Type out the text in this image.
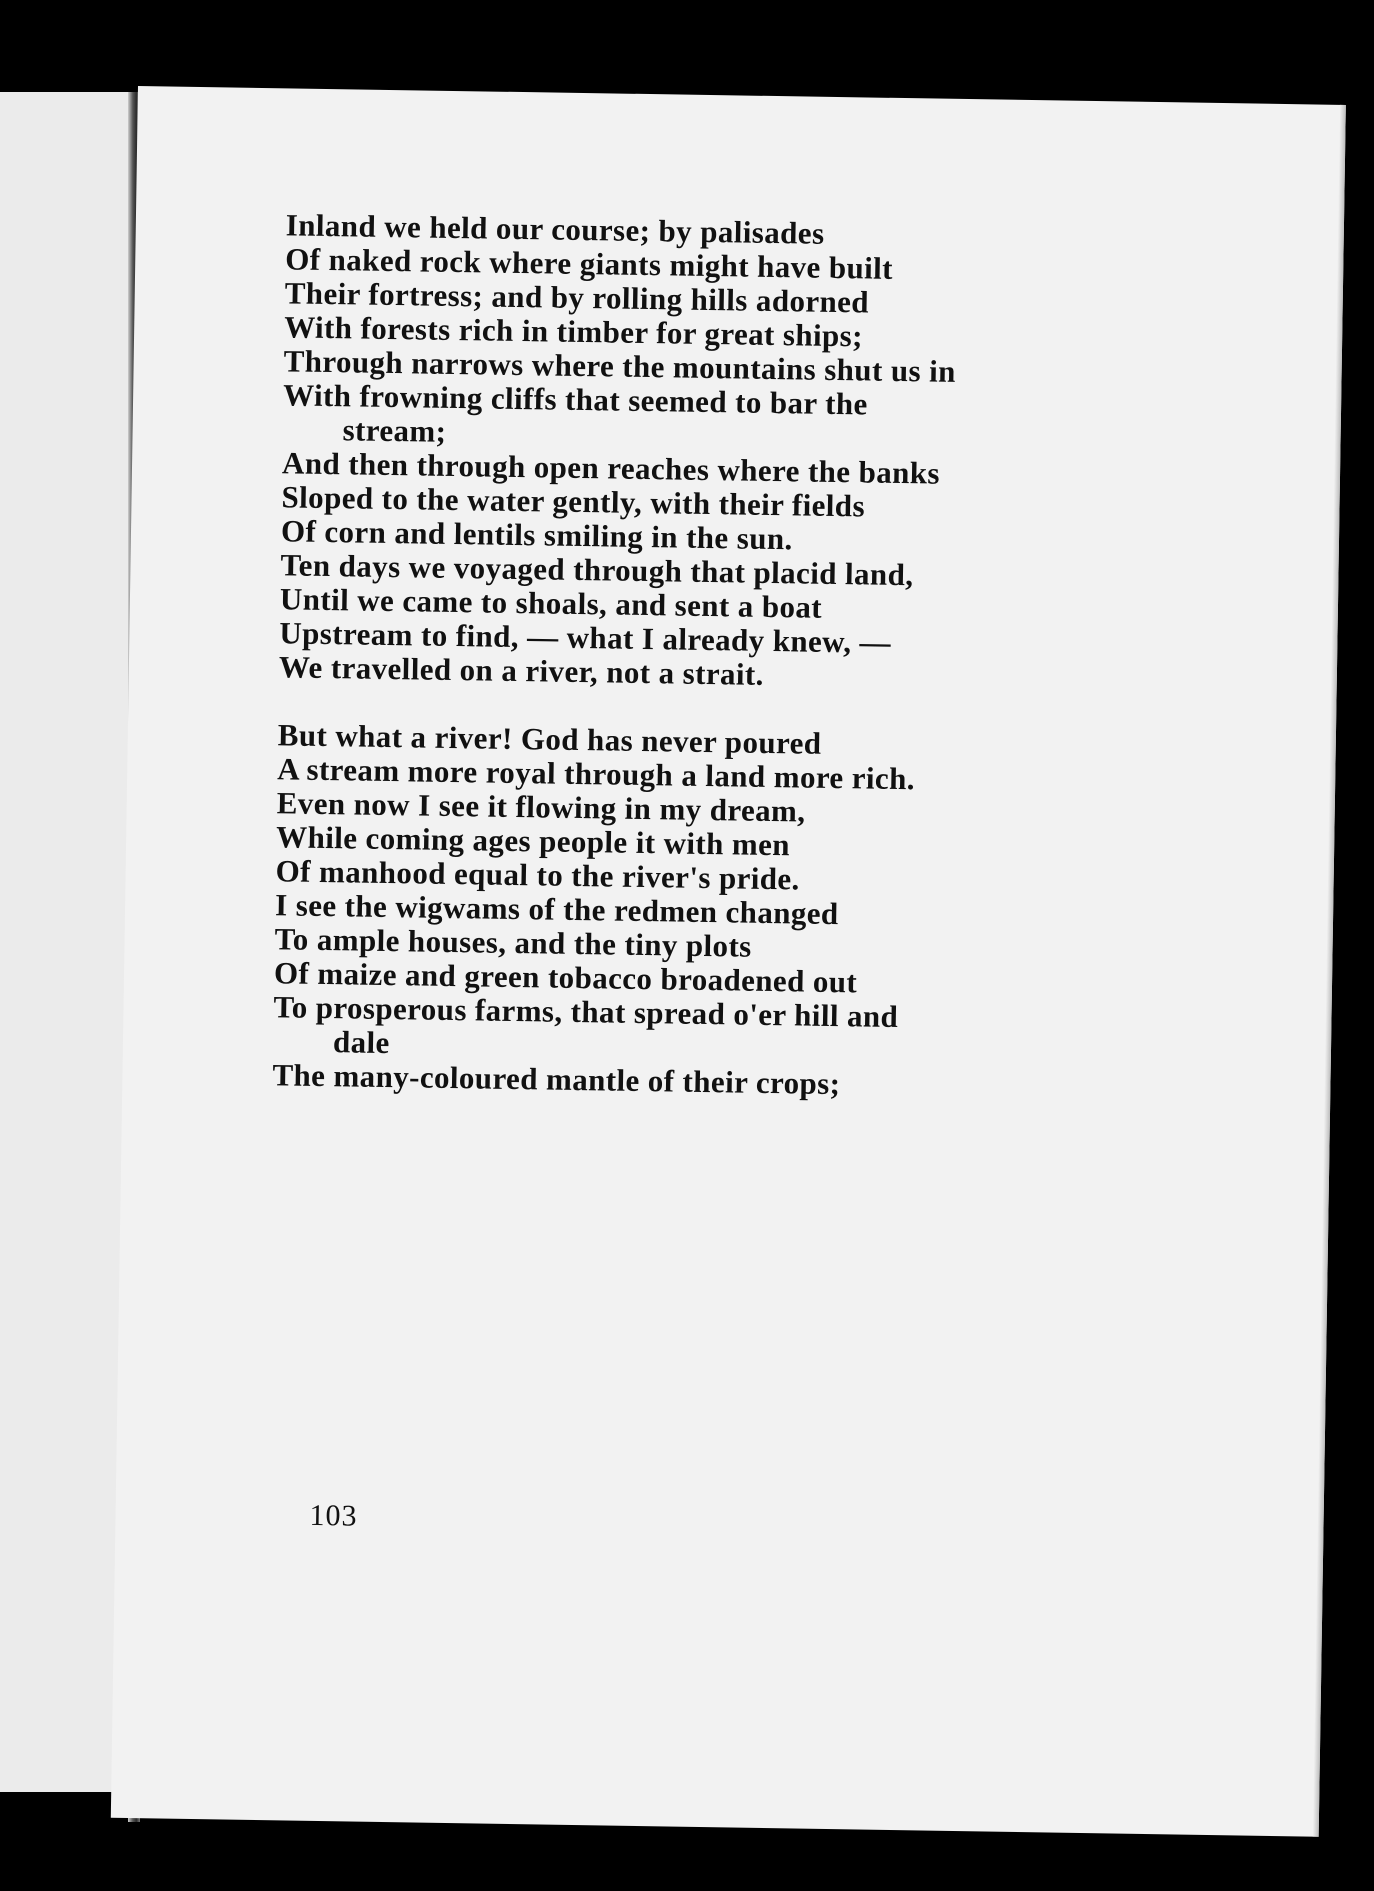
Inland we held our course; by palisades
Of naked rock where giants might have built
Their fortress; and by rolling hills adorned
With forests rich in timber for great ships;
Through narrows where the mountains shut us in
With frowning cliffs that seemed to bar the
stream;
And then through open reaches where the banks
Sloped to the water gently, with their fields
Of corn and lentils smiling in the sun.
Ten days we voyaged through that placid land,
Until we came to shoals, and sent a boat
Upstream to find, — what I already knew, —
We travelled on a river, not a strait.
But what a river! God has never poured
A stream more royal through a land more rich.
Even now I see it flowing in my dream,
While coming ages people it with men
Of manhood equal to the river's pride.
I see the wigwams of the redmen changed
To ample houses, and the tiny plots
Of maize and green tobacco broadened out
To prosperous farms, that spread o'er hill and
dale
The many-coloured mantle of their crops;
103
